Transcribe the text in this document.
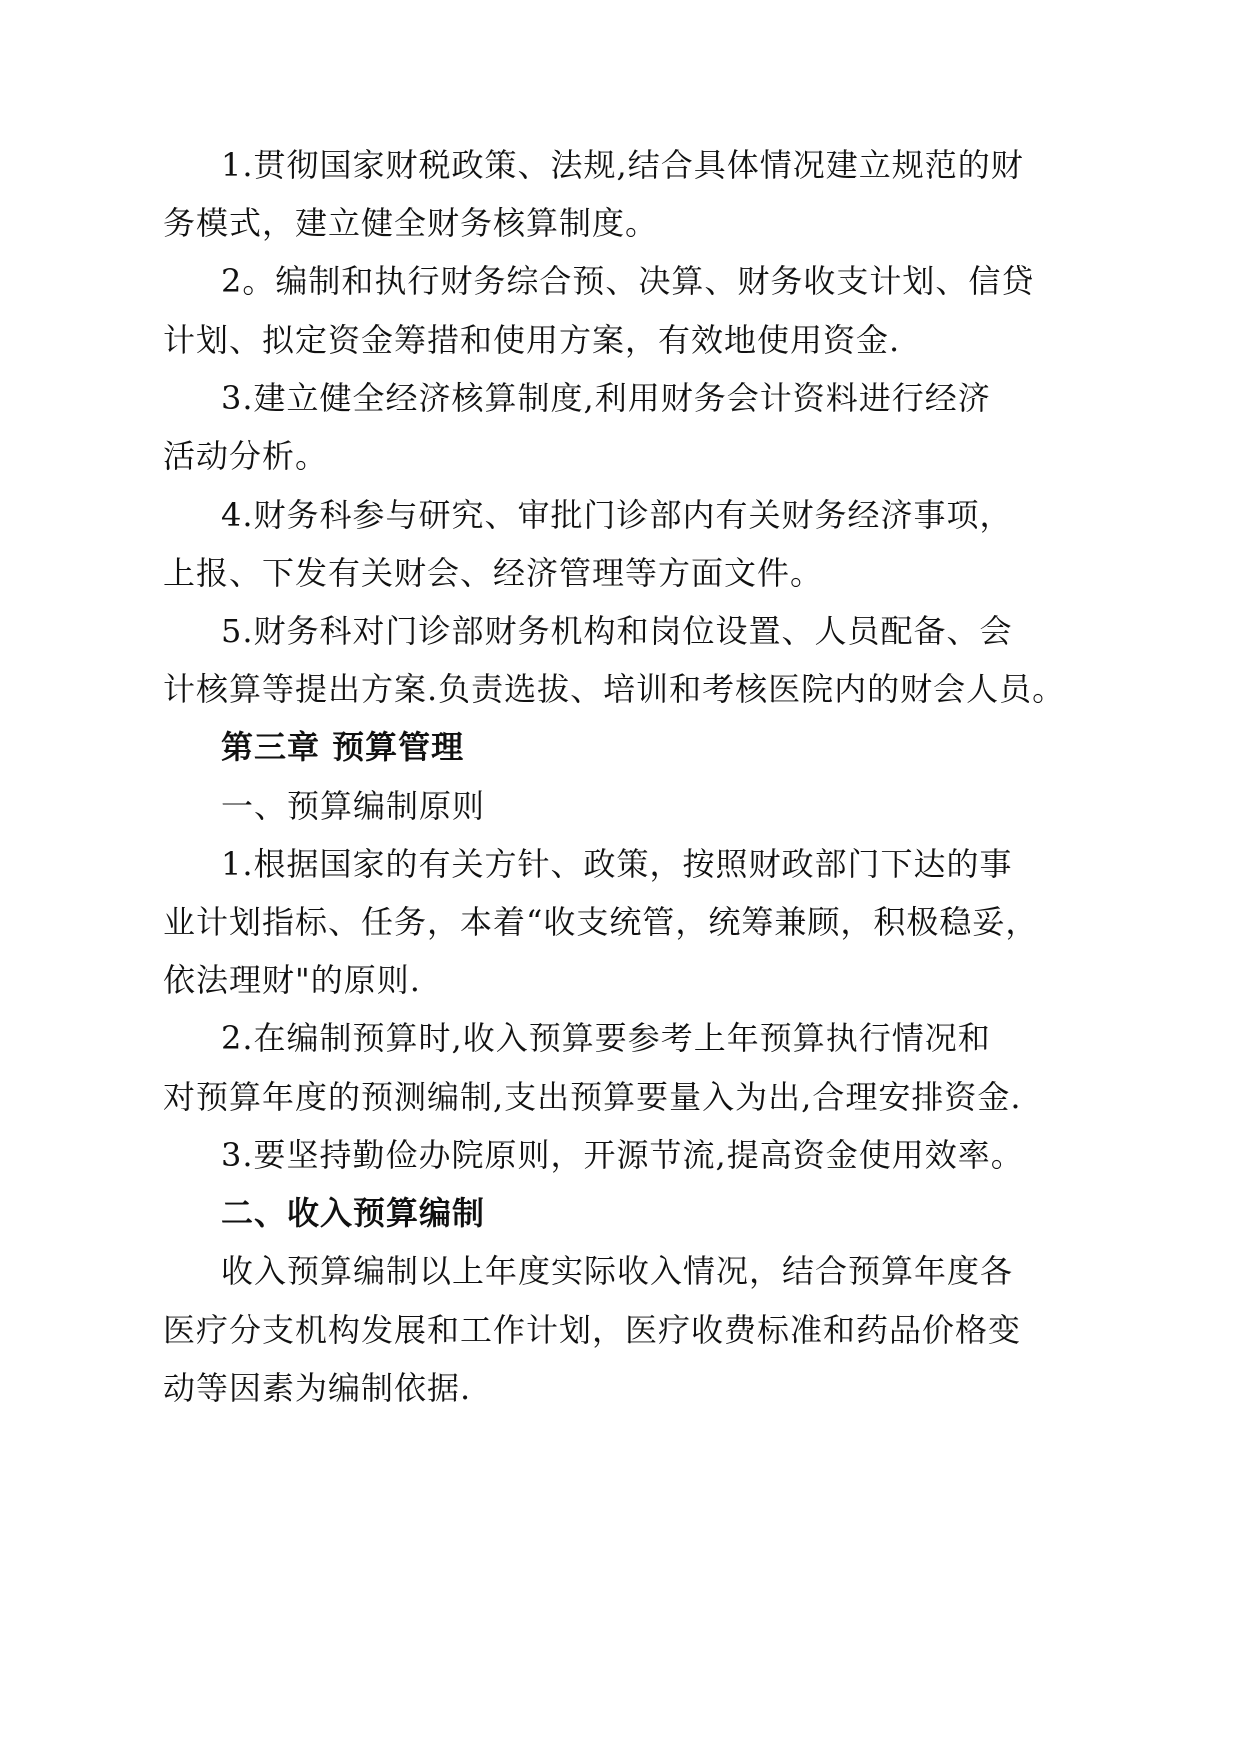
1.贯彻国家财税政策、法规,结合具体情况建立规范的财
务模式，建立健全财务核算制度。
2。编制和执行财务综合预、决算、财务收支计划、信贷
计划、拟定资金筹措和使用方案，有效地使用资金.
3.建立健全经济核算制度,利用财务会计资料进行经济
活动分析。
4.财务科参与研究、审批门诊部内有关财务经济事项，
上报、下发有关财会、经济管理等方面文件。
5.财务科对门诊部财务机构和岗位设置、人员配备、会
计核算等提出方案.负责选拔、培训和考核医院内的财会人员。
第三章 预算管理
一、预算编制原则
1.根据国家的有关方针、政策，按照财政部门下达的事
业计划指标、任务，本着“收支统管，统筹兼顾，积极稳妥，
依法理财"的原则.
2.在编制预算时,收入预算要参考上年预算执行情况和
对预算年度的预测编制,支出预算要量入为出,合理安排资金.
3.要坚持勤俭办院原则，开源节流,提高资金使用效率。
二、收入预算编制
收入预算编制以上年度实际收入情况，结合预算年度各
医疗分支机构发展和工作计划，医疗收费标准和药品价格变
动等因素为编制依据.
